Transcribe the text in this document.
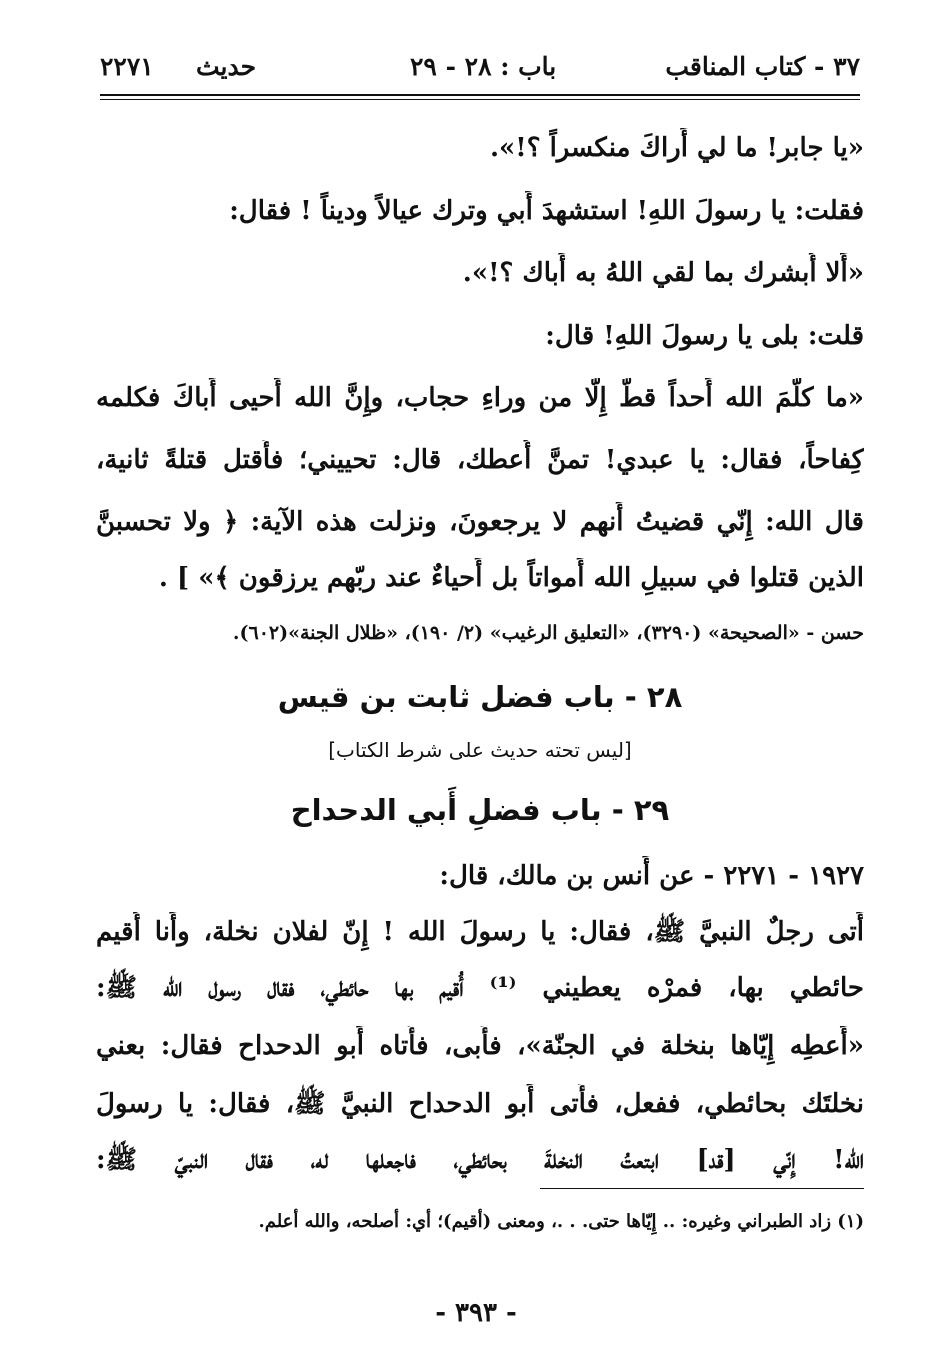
٣٧ - كتاب المناقب
باب : ٢٨ - ٢٩
حديث
٢٢٧١
«يا جابر! ما لي أَراكَ منكسراً ؟!».
فقلت: يا رسولَ اللهِ! استشهدَ أَبي وترك عيالاً وديناً ! فقال:
«أَلا أُبشرك بما لقي اللهُ به أَباك ؟!».
قلت: بلى يا رسولَ اللهِ! قال:
«ما كلّمَ الله أَحداً قطّ إِلّا من وراءِ حجاب، وإِنَّ الله أَحيى أَباكَ فكلمه
كِفاحاً، فقال: يا عبدي! تمنَّ أُعطك، قال: تحييني؛ فأُقتل قتلةً ثانية،
قال الله: إِنّي قضيتُ أَنهم لا يرجعونَ، ونزلت هذه الآية: ﴿ ولا تحسبنَّ
الذين قتلوا في سبيلِ الله أَمواتاً بل أَحياءٌ عند ربّهم يرزقون ﴾» ] .
حسن - «الصحيحة» (٣٢٩٠)، «التعليق الرغيب» (٢/ ١٩٠)، «ظلال الجنة»(٦٠٢).
٢٨ - باب فضل ثابت بن قيس
[ليس تحته حديث على شرط الكتاب]
٢٩ - باب فضلِ أَبي الدحداح
١٩٢٧ - ٢٢٧١ - عن أَنس بن مالك، قال:
أَتى رجلٌ النبيَّ ﷺ، فقال: يا رسولَ الله ! إِنّ لفلان نخلة، وأَنا أُقيم
حائطي بها، فمرْه يعطيني ⁽¹⁾ أُقيم بها حائطي، فقال رسول الله ﷺ:
«أَعطِه إِيّاها بنخلة في الجنّة»، فأَبى، فأَتاه أَبو الدحداح فقال: بعني
نخلتَك بحائطي، ففعل، فأَتى أَبو الدحداح النبيَّ ﷺ، فقال: يا رسولَ
الله! إِنّي [قد] ابتعتُ النخلةَ بحائطي، فاجعلها له، فقال النبيّ ﷺ:
(١) زاد الطبراني وغيره: .. إِيّاها حتى. . .، ومعنى (أقيم)؛ أي: أصلحه، والله أعلم.
- ٣٩٣ -
